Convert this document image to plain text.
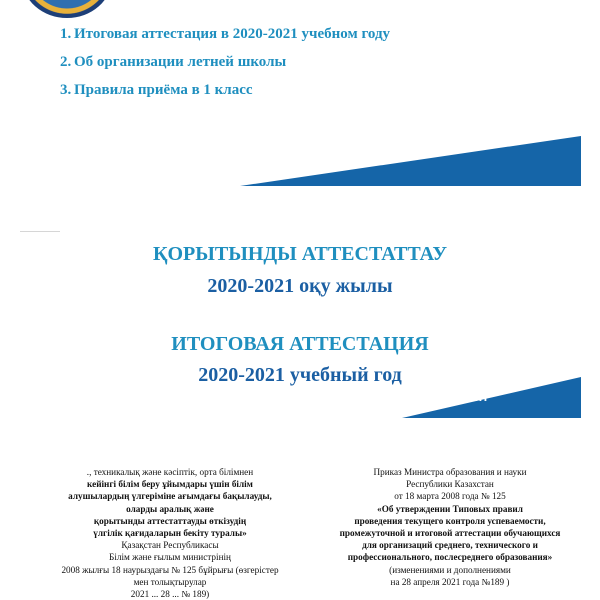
1. Итоговая аттестация в 2020-2021 учебном году
2. Об организации летней школы
3. Правила приёма в 1 класс
ҚОРЫТЫНДЫ АТТЕСТАТТАУ
2020-2021 оқу жылы
ИТОГОВАЯ АТТЕСТАЦИЯ
2020-2021 учебный год
окумент
., техникалық және кәсіптік, орта білімнен
кейінгі білім беру ұйымдары үшін білім
алушылардың үлгеріміне ағымдағы бақылауды,
оларды аралық және
қорытынды аттестаттауды өткізудің
үлгілік қағидаларын бекіту туралы»
Қазақстан Республикасы
Білім және ғылым министрінің
2008 жылғы 18 наурыздағы № 125 бұйрығы (өзгерістер
мен толықтырулар
2021 ... 28 ... № 189)
Приказ Министра образования и науки
Республики Казахстан
от 18 марта 2008 года № 125
«Об утверждении Типовых правил
проведения текущего контроля успеваемости,
промежуточной и итоговой аттестации обучающихся
для организаций среднего, технического и
профессионального, послесреднего образования»
(изменениями и дополнениями
на 28 апреля 2021 года №189 )
